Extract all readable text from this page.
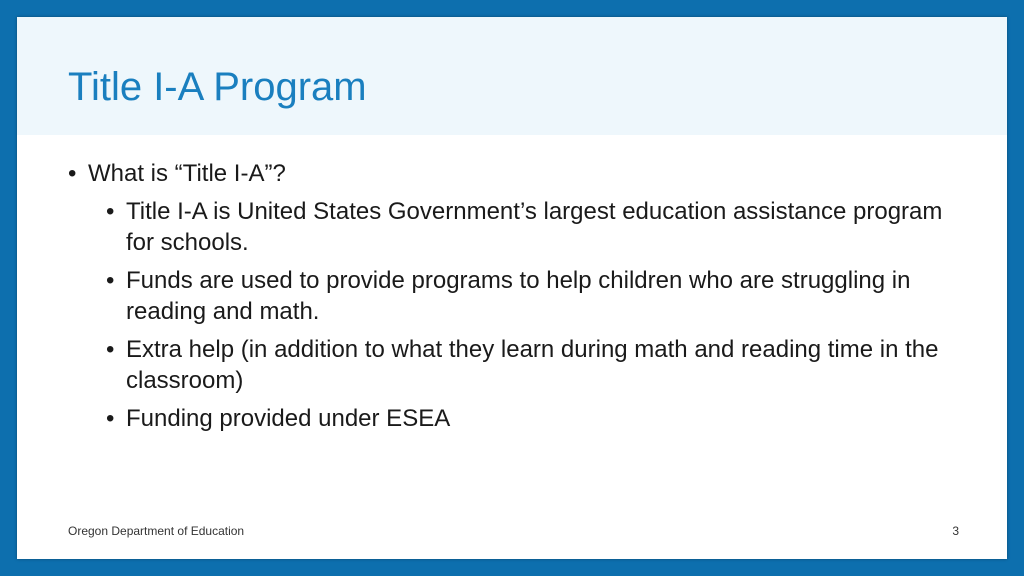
Title I-A Program
• What is “Title I-A”?
• Title I-A is United States Government’s largest education assistance program for schools.
• Funds are used to provide programs to help children who are struggling in reading and math.
• Extra help (in addition to what they learn during math and reading time in the classroom)
• Funding provided under ESEA
Oregon Department of Education	3
